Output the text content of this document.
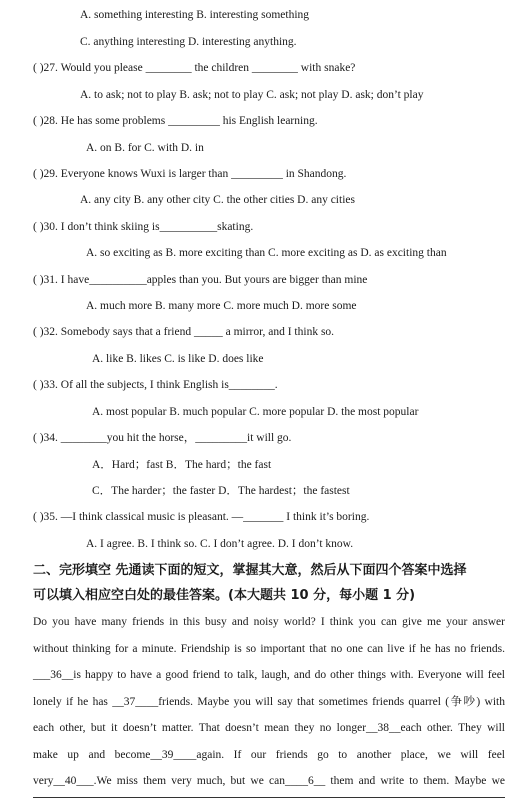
A. something interesting B. interesting something
C. anything interesting D. interesting anything.
( )27. Would you please ________ the children ________ with snake?
A. to ask; not to play B. ask; not to play C. ask; not play D. ask; don’t play
( )28. He has some problems _________ his English learning.
A. on B. for C. with D. in
( )29. Everyone knows Wuxi is larger than _________ in Shandong.
A. any city B. any other city C. the other cities D. any cities
( )30. I don’t think skiing is__________skating.
A. so exciting as B. more exciting than C. more exciting as D. as exciting than
( )31. I have__________apples than you. But yours are bigger than mine
A. much more B. many more C. more much D. more some
( )32. Somebody says that a friend _____ a mirror, and I think so.
A. like B. likes C. is like D. does like
( )33. Of all the subjects, I think English is________.
A. most popular B. much popular C. more popular D. the most popular
( )34. ________you hit the horse，_________it will go.
A．Hard；fast B．The hard；the fast
C．The harder；the faster D．The hardest；the fastest
( )35. —I think classical music is pleasant. —_______ I think it’s boring.
A. I agree. B. I think so. C. I don’t agree. D. I don’t know.
二、完形填空 先通读下面的短文，掌握其大意，然后从下面四个答案中选择
可以填入相应空白处的最佳答案。(本大题共 10 分，每小题 1 分)
Do you have many friends in this busy and noisy world? I think you can give me your answer
without thinking for a minute. Friendship is so important that no one can live if he has no friends.
___36__is happy to have a good friend to talk, laugh, and do other things with. Everyone will feel
lonely if he has __37____friends. Maybe you will say that sometimes friends quarrel (争吵) with
each other, but it doesn’t matter. That doesn’t mean they no longer__38__each other. They will
make up and become__39____again. If our friends go to another place, we will feel
very__40___.We miss them very much, but we can____6__ them and write to them. Maybe we
